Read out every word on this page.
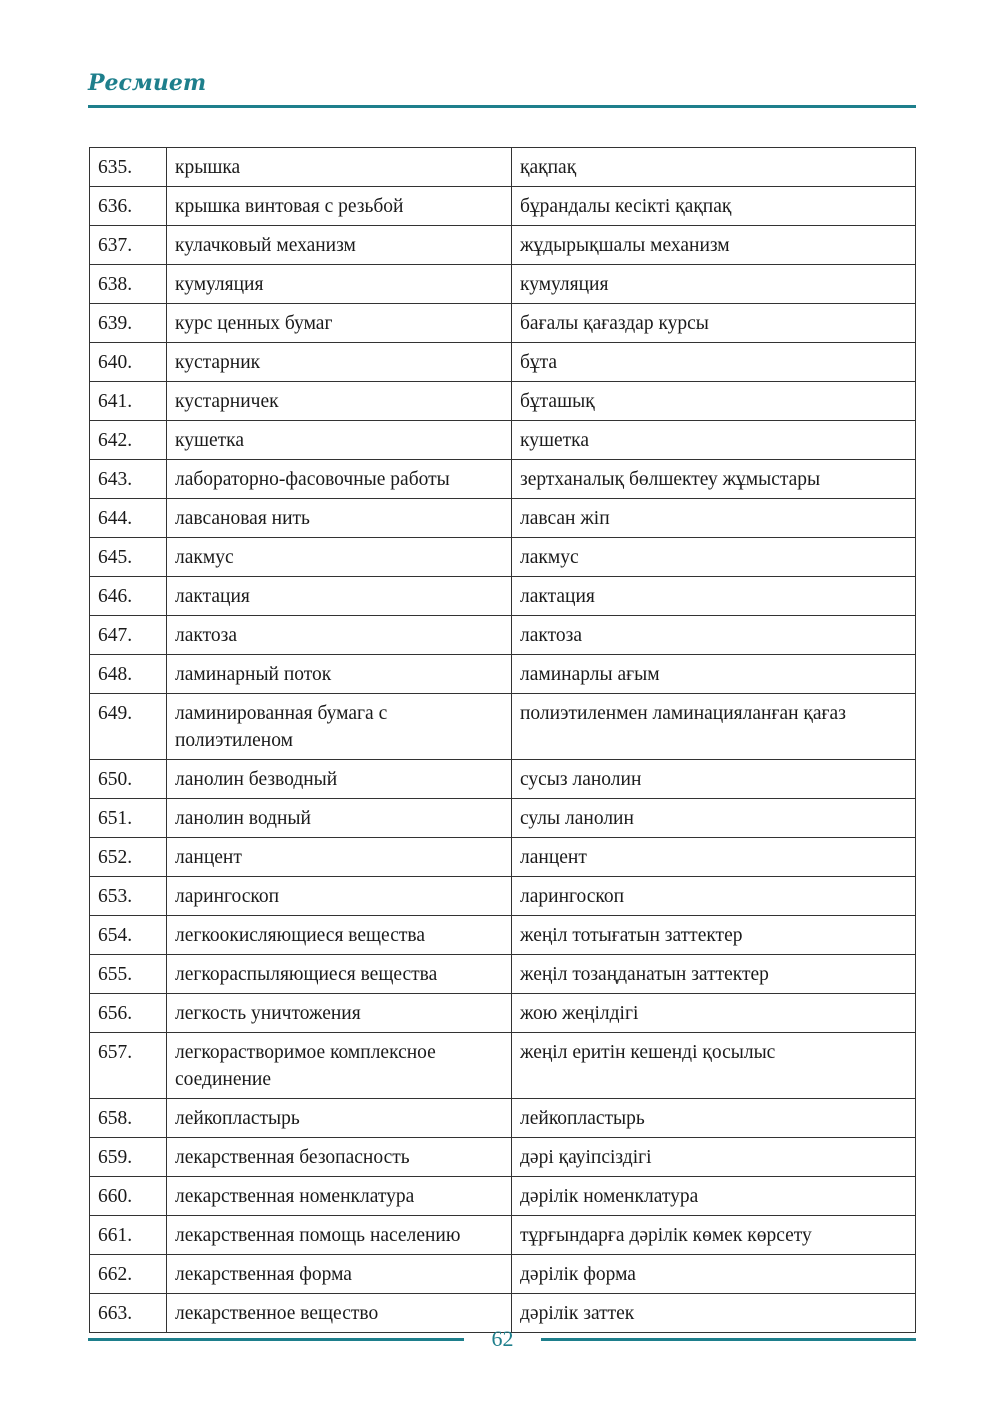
Ресмиет
635.	крышка	қақпақ
636.	крышка винтовая с резьбой	бұрандалы кесікті қақпақ
637.	кулачковый механизм	жұдырықшалы механизм
638.	кумуляция	кумуляция
639.	курс ценных бумаг	бағалы қағаздар курсы
640.	кустарник	бұта
641.	кустарничек	бұташық
642.	кушетка	кушетка
643.	лабораторно-фасовочные работы	зертханалық бөлшектеу жұмыстары
644.	лавсановая нить	лавсан жіп
645.	лакмус	лакмус
646.	лактация	лактация
647.	лактоза	лактоза
648.	ламинарный поток	ламинарлы ағым
649.	ламинированная бумага с полиэтиленом	полиэтиленмен ламинацияланған қағаз
650.	ланолин безводный	сусыз ланолин
651.	ланолин водный	сулы ланолин
652.	ланцент	ланцент
653.	ларингоскоп	ларингоскоп
654.	легкоокисляющиеся вещества	жеңіл тотығатын заттектер
655.	легкораспыляющиеся вещества	жеңіл тозаңданатын заттектер
656.	легкость уничтожения	жою жеңілдігі
657.	легкорастворимое комплексное соединение	жеңіл еритін кешенді қосылыс
658.	лейкопластырь	лейкопластырь
659.	лекарственная безопасность	дәрі қауіпсіздігі
660.	лекарственная номенклатура	дәрілік номенклатура
661.	лекарственная помощь населению	тұрғындарға дәрілік көмек көрсету
662.	лекарственная форма	дәрілік форма
663.	лекарственное вещество	дәрілік заттек
62
